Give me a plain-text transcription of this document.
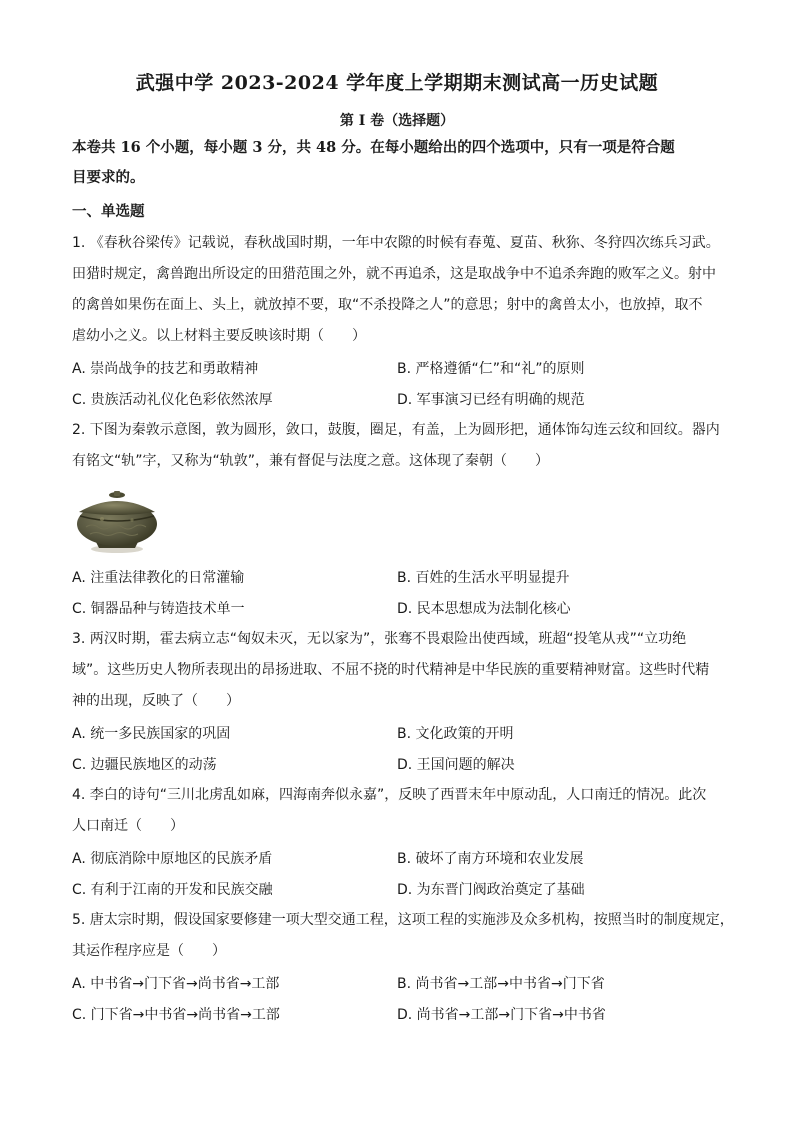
武强中学 2023-2024 学年度上学期期末测试高一历史试题
第 I 卷（选择题）
本卷共 16 个小题，每小题 3 分，共 48 分。在每小题给出的四个选项中，只有一项是符合题
目要求的。
一、单选题
1. 《春秋谷梁传》记载说，春秋战国时期，一年中农隙的时候有春蒐、夏苗、秋狝、冬狩四次练兵习武。
田猎时规定，禽兽跑出所设定的田猎范围之外，就不再追杀，这是取战争中不追杀奔跑的败军之义。射中
的禽兽如果伤在面上、头上，就放掉不要，取“不杀投降之人”的意思；射中的禽兽太小，也放掉，取不
虐幼小之义。以上材料主要反映该时期（　　）
A. 崇尚战争的技艺和勇敢精神	B. 严格遵循“仁”和“礼”的原则
C. 贵族活动礼仪化色彩依然浓厚	D. 军事演习已经有明确的规范
2. 下图为秦敦示意图，敦为圆形，敛口，鼓腹，圈足，有盖，上为圆形把，通体饰勾连云纹和回纹。器内
有铭文“轨”字，又称为“轨敦”，兼有督促与法度之意。这体现了秦朝（　　）
A. 注重法律教化的日常灌输	B. 百姓的生活水平明显提升
C. 铜器品种与铸造技术单一	D. 民本思想成为法制化核心
3. 两汉时期，霍去病立志“匈奴未灭，无以家为”，张骞不畏艰险出使西域，班超“投笔从戎”“立功绝
域”。这些历史人物所表现出的昂扬进取、不屈不挠的时代精神是中华民族的重要精神财富。这些时代精
神的出现，反映了（　　）
A. 统一多民族国家的巩固	B. 文化政策的开明
C. 边疆民族地区的动荡	D. 王国问题的解决
4. 李白的诗句“三川北虏乱如麻，四海南奔似永嘉”，反映了西晋末年中原动乱，人口南迁的情况。此次
人口南迁（　　）
A. 彻底消除中原地区的民族矛盾	B. 破坏了南方环境和农业发展
C. 有利于江南的开发和民族交融	D. 为东晋门阀政治奠定了基础
5. 唐太宗时期，假设国家要修建一项大型交通工程，这项工程的实施涉及众多机构，按照当时的制度规定，
其运作程序应是（　　）
A. 中书省→门下省→尚书省→工部	B. 尚书省→工部→中书省→门下省
C. 门下省→中书省→尚书省→工部	D. 尚书省→工部→门下省→中书省
